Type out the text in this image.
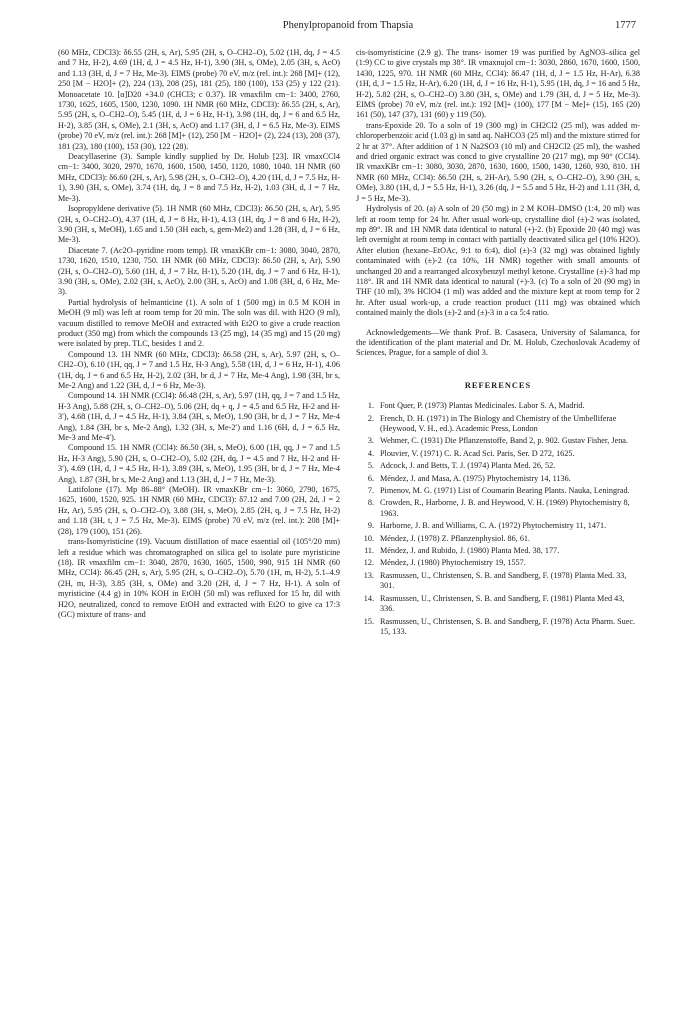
Phenylpropanoid from Thapsia	1777

(60 MHz, CDCl3): δ6.55 (2H, s, Ar), 5.95 (2H, s, O–CH2–O), 5.02 (1H, dq, J = 4.5 and 7 Hz, H-2), 4.69 (1H, d, J = 4.5 Hz, H-1), 3.90 (3H, s, OMe), 2.05 (3H, s, AcO) and 1.13 (3H, d, J = 7 Hz, Me-3). EIMS (probe) 70 eV, m/z (rel. int.): 268 [M]+ (12), 250 [M − H2O]+ (2), 224 (13), 208 (25), 181 (25), 180 (100), 153 (25) y 122 (21). Monoacetate 10. [α]D20 +34.0 (CHCl3; c 0.37). IR νmaxfilm cm−1: 3400, 2760, 1730, 1625, 1605, 1500, 1230, 1090. 1H NMR (60 MHz, CDCl3): δ6.55 (2H, s, Ar), 5.95 (2H, s, O–CH2–O), 5.45 (1H, d, J = 6 Hz, H-1), 3.98 (1H, dq, J = 6 and 6.5 Hz, H-2), 3.85 (3H, s, OMe), 2.1 (3H, s, AcO) and 1.17 (3H, d, J = 6.5 Hz, Me-3). EIMS (probe) 70 eV, m/z (rel. int.): 268 [M]+ (12), 250 [M − H2O]+ (2), 224 (13), 208 (37), 181 (23), 180 (100), 153 (30), 122 (28).

Deacyllaserine (3). Sample kindly supplied by Dr. Holub [23]. IR νmaxCCl4 cm−1: 3400, 3020, 2970, 1670, 1600, 1500, 1450, 1120, 1080, 1040. 1H NMR (60 MHz, CDCl3): δ6.60 (2H, s, Ar), 5.98 (2H, s, O–CH2–O), 4.20 (1H, d, J = 7.5 Hz, H-1), 3.90 (3H, s, OMe), 3.74 (1H, dq, J = 8 and 7.5 Hz, H-2), 1.03 (3H, d, J = 7 Hz, Me-3).

Isopropyldene derivative (5). 1H NMR (60 MHz, CDCl3): δ6.50 (2H, s, Ar), 5.95 (2H, s, O–CH2–O), 4.37 (1H, d, J = 8 Hz, H-1), 4.13 (1H, dq, J = 8 and 6 Hz, H-2), 3.90 (3H, s, MeOH), 1.65 and 1.50 (3H each, s, gem-Me2) and 1.28 (3H, d, J = 6 Hz, Me-3).

Diacetate 7. (Ac2O–pyridine room temp). IR νmaxKBr cm−1: 3080, 3040, 2870, 1730, 1620, 1510, 1230, 750. 1H NMR (60 MHz, CDCl3): δ6.50 (2H, s, Ar), 5.90 (2H, s, O–CH2–O), 5.60 (1H, d, J = 7 Hz, H-1), 5.20 (1H, dq, J = 7 and 6 Hz, H-1), 3.90 (3H, s, OMe), 2.02 (3H, s, AcO), 2.00 (3H, s, AcO) and 1.08 (3H, d, 6 Hz, Me-3).

Partial hydrolysis of helmanticine (1). A soln of 1 (500 mg) in 0.5 M KOH in MeOH (9 ml) was left at room temp for 20 min. The soln was dil. with H2O (9 ml), vacuum distilled to remove MeOH and extracted with Et2O to give a crude reaction product (350 mg) from which the compounds 13 (25 mg), 14 (35 mg) and 15 (20 mg) were isolated by prep. TLC, besides 1 and 2.

Compound 13. 1H NMR (60 MHz, CDCl3): δ6.58 (2H, s, Ar), 5.97 (2H, s, O–CH2–O), 6.10 (1H, qq, J = 7 and 1.5 Hz, H-3 Ang), 5.58 (1H, d, J = 6 Hz, H-1), 4.06 (1H, dq, J = 6 and 6.5 Hz, H-2), 2.02 (3H, br d, J = 7 Hz, Me-4 Ang), 1.98 (3H, br s, Me-2 Ang) and 1.22 (3H, d, J = 6 Hz, Me-3).

Compound 14. 1H NMR (CCl4): δ6.48 (2H, s, Ar), 5.97 (1H, qq, J = 7 and 1.5 Hz, H-3 Ang), 5.88 (2H, s, O–CH2–O), 5.06 (2H, dq + q, J = 4.5 and 6.5 Hz, H-2 and H-3′), 4.68 (1H, d, J = 4.5 Hz, H-1), 3.84 (3H, s, MeO), 1.90 (3H, br d, J = 7 Hz, Me-4 Ang), 1.84 (3H, br s, Me-2 Ang), 1.32 (3H, s, Me-2′) and 1.16 (6H, d, J = 6.5 Hz, Me-3 and Me-4′).

Compound 15. 1H NMR (CCl4): δ6.50 (3H, s, MeO), 6.00 (1H, qq, J = 7 and 1.5 Hz, H-3 Ang), 5.90 (2H, s, O–CH2–O), 5.02 (2H, dq, J = 4.5 and 7 Hz, H-2 and H-3′), 4.69 (1H, d, J = 4.5 Hz, H-1), 3.89 (3H, s, MeO), 1.95 (3H, br d, J = 7 Hz, Me-4 Ang), 1.87 (3H, br s, Me-2 Ang) and 1.13 (3H, d, J = 7 Hz, Me-3).

Latifolone (17). Mp 86–88° (MeOH). IR νmaxKBr cm−1: 3060, 2790, 1675, 1625, 1600, 1520, 925. 1H NMR (60 MHz, CDCl3): δ7.12 and 7.00 (2H, 2d, J = 2 Hz, Ar), 5.95 (2H, s, O–CH2–O), 3.88 (3H, s, MeO), 2.85 (2H, q, J = 7.5 Hz, H-2) and 1.18 (3H, t, J = 7.5 Hz, Me-3). EIMS (probe) 70 eV, m/z (rel. int.): 208 [M]+ (28), 179 (100), 151 (26).

trans-Isomyristicine (19). Vacuum distillation of mace essential oil (105°/20 mm) left a residue which was chromatographed on silica gel to isolate pure myristicine (18). IR νmaxfilm cm−1: 3040, 2870, 1630, 1605, 1500, 990, 915 1H NMR (60 MHz, CCl4): δ6.45 (2H, s, Ar), 5.95 (2H, s, O–CH2–O), 5.70 (1H, m, H-2), 5.1–4.9 (2H, m, H-3), 3.85 (3H, s, OMe) and 3.20 (2H, d, J = 7 Hz, H-1). A soln of myristicine (4.4 g) in 10% KOH in EtOH (50 ml) was refluxed for 15 hr, dil with H2O, neutralized, concd to remove EtOH and extracted with Et2O to give ca 17:3 (GC) mixture of trans- and

cis-isomyristicine (2.9 g). The trans- isomer 19 was purified by AgNO3–silica gel (1:9) CC to give crystals mp 38°. IR νmaxnujol cm−1: 3030, 2860, 1670, 1600, 1500, 1430, 1225, 970. 1H NMR (60 MHz, CCl4): δ6.47 (1H, d, J = 1.5 Hz, H-Ar), 6.38 (1H, d, J = 1.5 Hz, H-Ar), 6.20 (1H, d, J = 16 Hz, H-1), 5.95 (1H, dq, J = 16 and 5 Hz, H-2), 5.82 (2H, s, O–CH2–O) 3.80 (3H, s, OMe) and 1.79 (3H, d, J = 5 Hz, Me-3). EIMS (probe) 70 eV, m/z (rel. int.): 192 [M]+ (100), 177 [M − Me]+ (15), 165 (20) 161 (50), 147 (37), 131 (60) y 119 (50).

trans-Epoxide 20. To a soln of 19 (300 mg) in CH2Cl2 (25 ml), was added m-chloroperbenzoic acid (1.03 g) in satd aq. NaHCO3 (25 ml) and the mixture stirred for 2 hr at 37°. After addition of 1 N Na2SO3 (10 ml) and CH2Cl2 (25 ml), the washed and dried organic extract was concd to give crystalline 20 (217 mg), mp 90° (CCl4). IR νmaxKBr cm−1: 3080, 3030, 2870, 1630, 1600, 1500, 1430, 1260, 930, 810. 1H NMR (60 MHz, CCl4): δ6.50 (2H, s, 2H-Ar), 5.90 (2H, s, O–CH2–O), 3.90 (3H, s, OMe), 3.80 (1H, d, J = 5.5 Hz, H-1), 3.26 (dq, J = 5.5 and 5 Hz, H-2) and 1.11 (3H, d, J = 5 Hz, Me-3).

Hydrolysis of 20. (a) A soln of 20 (50 mg) in 2 M KOH–DMSO (1:4, 20 ml) was left at room temp for 24 hr. After usual work-up, crystalline diol (±)-2 was isolated, mp 89°. IR and 1H NMR data identical to natural (+)-2. (b) Epoxide 20 (40 mg) was left overnight at room temp in contact with partially deactivated silica gel (10% H2O). After elution (hexane–EtOAc, 9:1 to 6:4), diol (±)-3 (32 mg) was obtained lightly contaminated with (±)-2 (ca 10%, 1H NMR) together with small amounts of unchanged 20 and a rearranged alcoxybenzyl methyl ketone. Crystalline (±)-3 had mp 118°. IR and 1H NMR data identical to natural (+)-3. (c) To a soln of 20 (90 mg) in THF (10 ml), 3% HClO4 (1 ml) was added and the mixture kept at room temp for 2 hr. After usual work-up, a crude reaction product (111 mg) was obtained which contained mainly the diols (±)-2 and (±)-3 in a ca 5:4 ratio.

Acknowledgements—We thank Prof. B. Casaseca, University of Salamanca, for the identification of the plant material and Dr. M. Holub, Czechoslovak Academy of Sciences, Prague, for a sample of diol 3.

REFERENCES
1. Font Quer, P. (1973) Plantas Medicinales. Labor S. A, Madrid.
2. French, D. H. (1971) in The Biology and Chemistry of the Umbelliferae (Heywood, V. H., ed.). Academic Press, London
3. Wehmer, C. (1931) Die Pflanzenstoffe, Band 2, p. 902. Gustav Fisher, Jena.
4. Plouvier, V. (1971) C. R. Acad Sci. Paris, Ser. D 272, 1625.
5. Adcock, J. and Betts, T. J. (1974) Planta Med. 26, 52.
6. Méndez, J. and Masa, A. (1975) Phytochemistry 14, 1136.
7. Pimenov, M. G. (1971) List of Coumarin Bearing Plants. Nauka, Leningrad.
8. Crowden, R., Harborne, J. B. and Heywood, V. H. (1969) Phytochemistry 8, 1963.
9. Harborne, J. B. and Williams, C. A. (1972) Phytochemistry 11, 1471.
10. Méndez, J. (1978) Z. Pflanzenphysiol. 86, 61.
11. Méndez, J. and Rubido, J. (1980) Planta Med. 38, 177.
12. Méndez, J. (1980) Phytochemistry 19, 1557.
13. Rasmussen, U., Christensen, S. B. and Sandberg, F. (1978) Planta Med. 33, 301.
14. Rasmussen, U., Christensen, S. B. and Sandberg, F. (1981) Planta Med 43, 336.
15. Rasmussen, U., Christensen, S. B. and Sandberg, F. (1978) Acta Pharm. Suec. 15, 133.
